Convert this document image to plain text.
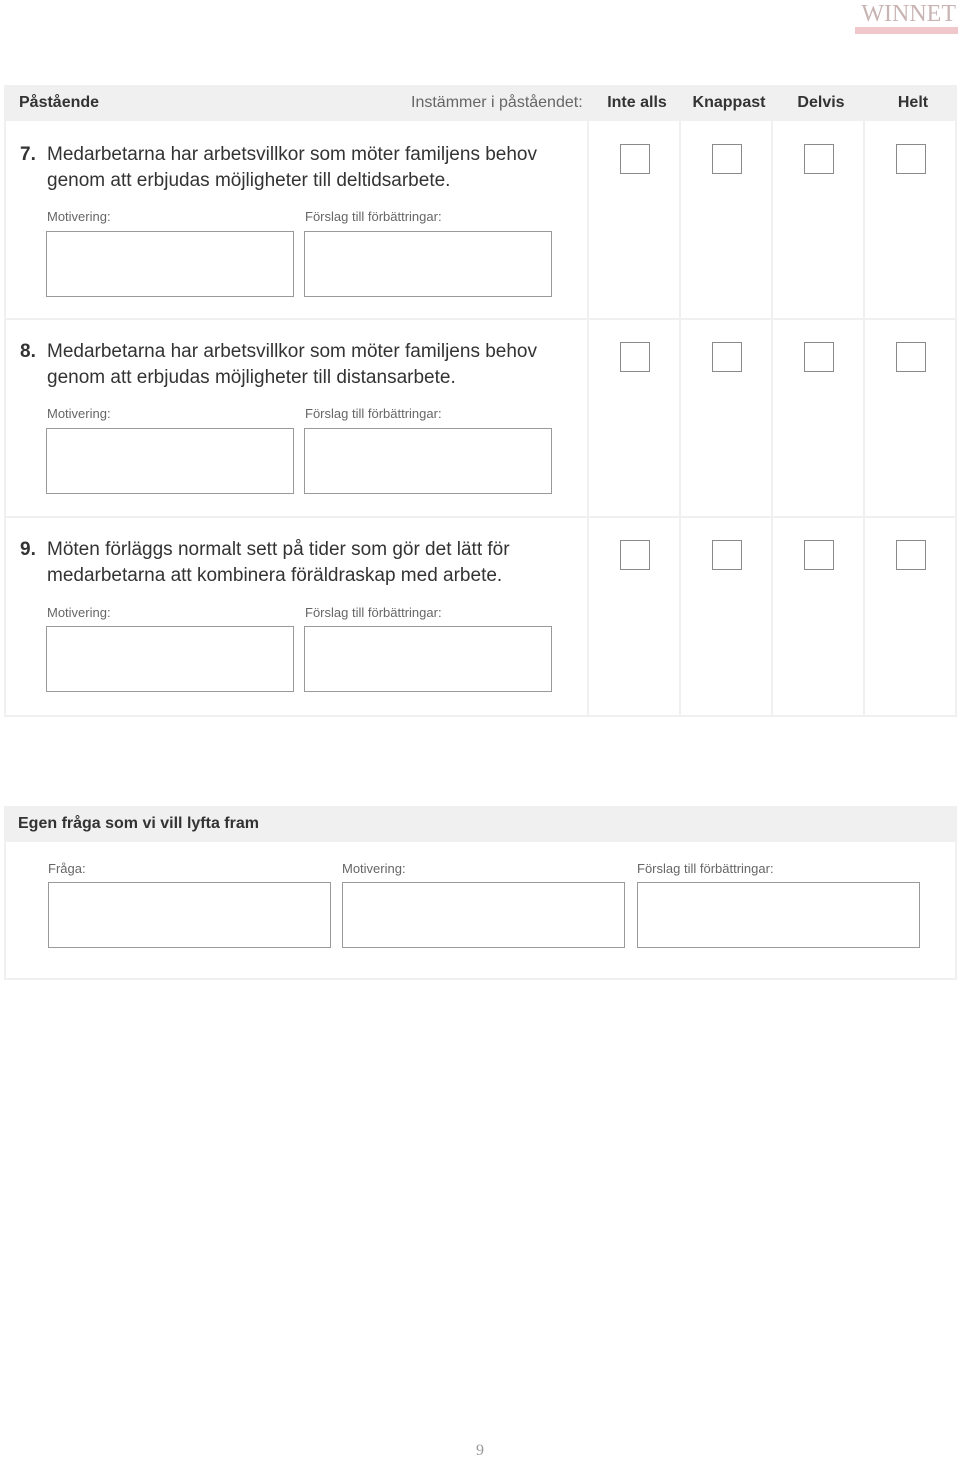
WINNET
Påstående	Instämmer i påståendet:	Inte alls	Knappast	Delvis	Helt
7. Medarbetarna har arbetsvillkor som möter familjens behov genom att erbjudas möjligheter till deltidsarbete.
Motivering:	Förslag till förbättringar:
8. Medarbetarna har arbetsvillkor som möter familjens behov genom att erbjudas möjligheter till distansarbete.
Motivering:	Förslag till förbättringar:
9. Möten förläggs normalt sett på tider som gör det lätt för medarbetarna att kombinera föräldraskap med arbete.
Motivering:	Förslag till förbättringar:
Egen fråga som vi vill lyfta fram
Fråga:	Motivering:	Förslag till förbättringar:
9
